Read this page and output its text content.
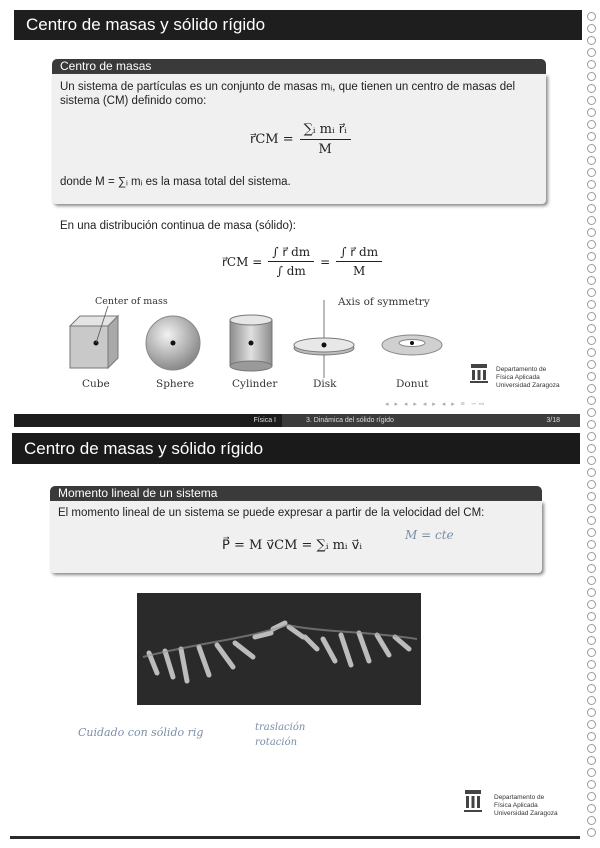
Centro de masas y sólido rígido
Centro de masas
Un sistema de partículas es un conjunto de masas mᵢ, que tienen un centro de masas del sistema (CM) definido como:
r⃗CM = $\frac{\text{∑ᵢ mᵢ r⃗ᵢ}}{M}$
donde M = ∑ᵢ mᵢ es la masa total del sistema.
En una distribución continua de masa (sólido):
r⃗CM = $\frac{\int r⃗ dm}{\int dm} = \frac{\int r⃗ dm}{M}$
Center of mass	Axis of symmetry
Cube	Sphere	Cylinder	Disk	Donut
Departamento de
Física Aplicada
Universidad Zaragoza
◂ ▸ ◂ ▸ ◂ ▸ ◂ ▸ ≡ ∽∾
Física I	3. Dinámica del sólido rígido	3/18
Centro de masas y sólido rígido
Momento lineal de un sistema
El momento lineal de un sistema se puede expresar a partir de la velocidad del CM:
P⃗ = M v⃗CM = ∑ᵢ mᵢ v⃗ᵢ
M = cte
Cuidado con sólido rig	traslación
rotación
Departamento de
Física Aplicada
Universidad Zaragoza
